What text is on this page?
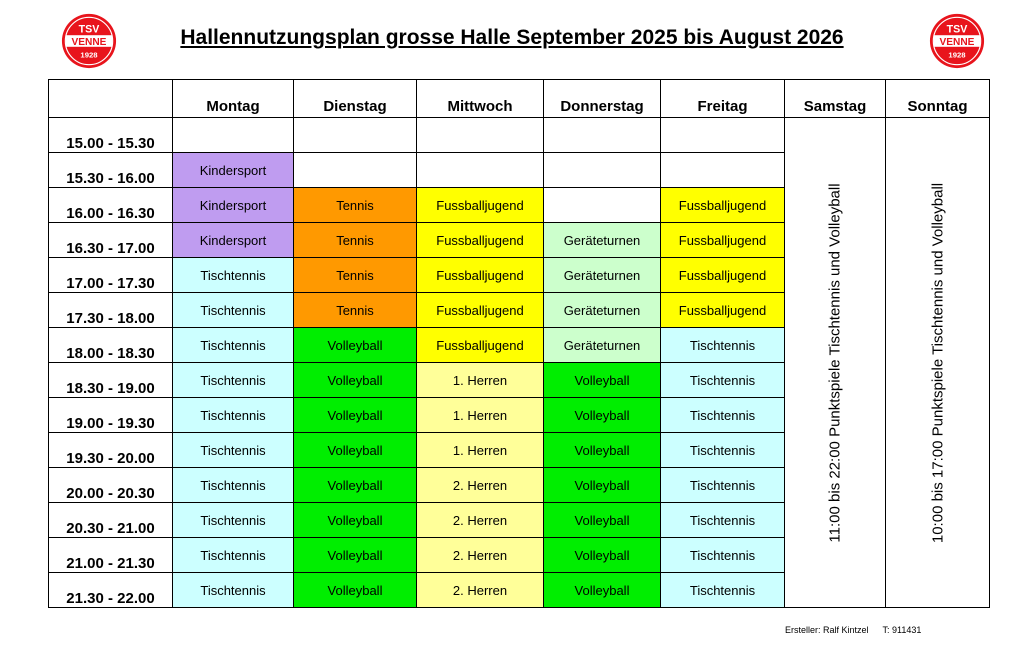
TSV
VENNE
1928
TSV
VENNE
1928
Hallennutzungsplan grosse Halle September 2025 bis August 2026
	Montag	Dienstag	Mittwoch	Donnerstag	Freitag	Samstag	Sonntag
15.00 - 15.30						11:00 bis 22:00 Punktspiele Tischtennis und Volleyball	10:00 bis 17:00 Punktspiele Tischtennis und Volleyball

15.30 - 16.00	Kindersport						
16.00 - 16.30	Kindersport	Tennis	Fussballjugend		Fussballjugend		
16.30 - 17.00	Kindersport	Tennis	Fussballjugend	Geräteturnen	Fussballjugend		
17.00 - 17.30	Tischtennis	Tennis	Fussballjugend	Geräteturnen	Fussballjugend		
17.30 - 18.00	Tischtennis	Tennis	Fussballjugend	Geräteturnen	Fussballjugend		
18.00 - 18.30	Tischtennis	Volleyball	Fussballjugend	Geräteturnen	Tischtennis		
18.30 - 19.00	Tischtennis	Volleyball	1. Herren	Volleyball	Tischtennis		
19.00 - 19.30	Tischtennis	Volleyball	1. Herren	Volleyball	Tischtennis		
19.30 - 20.00	Tischtennis	Volleyball	1. Herren	Volleyball	Tischtennis		
20.00 - 20.30	Tischtennis	Volleyball	2. Herren	Volleyball	Tischtennis		
20.30 - 21.00	Tischtennis	Volleyball	2. Herren	Volleyball	Tischtennis		
21.00 - 21.30	Tischtennis	Volleyball	2. Herren	Volleyball	Tischtennis		
21.30 - 22.00	Tischtennis	Volleyball	2. Herren	Volleyball	Tischtennis		
Ersteller: Ralf Kintzel T: 911431
